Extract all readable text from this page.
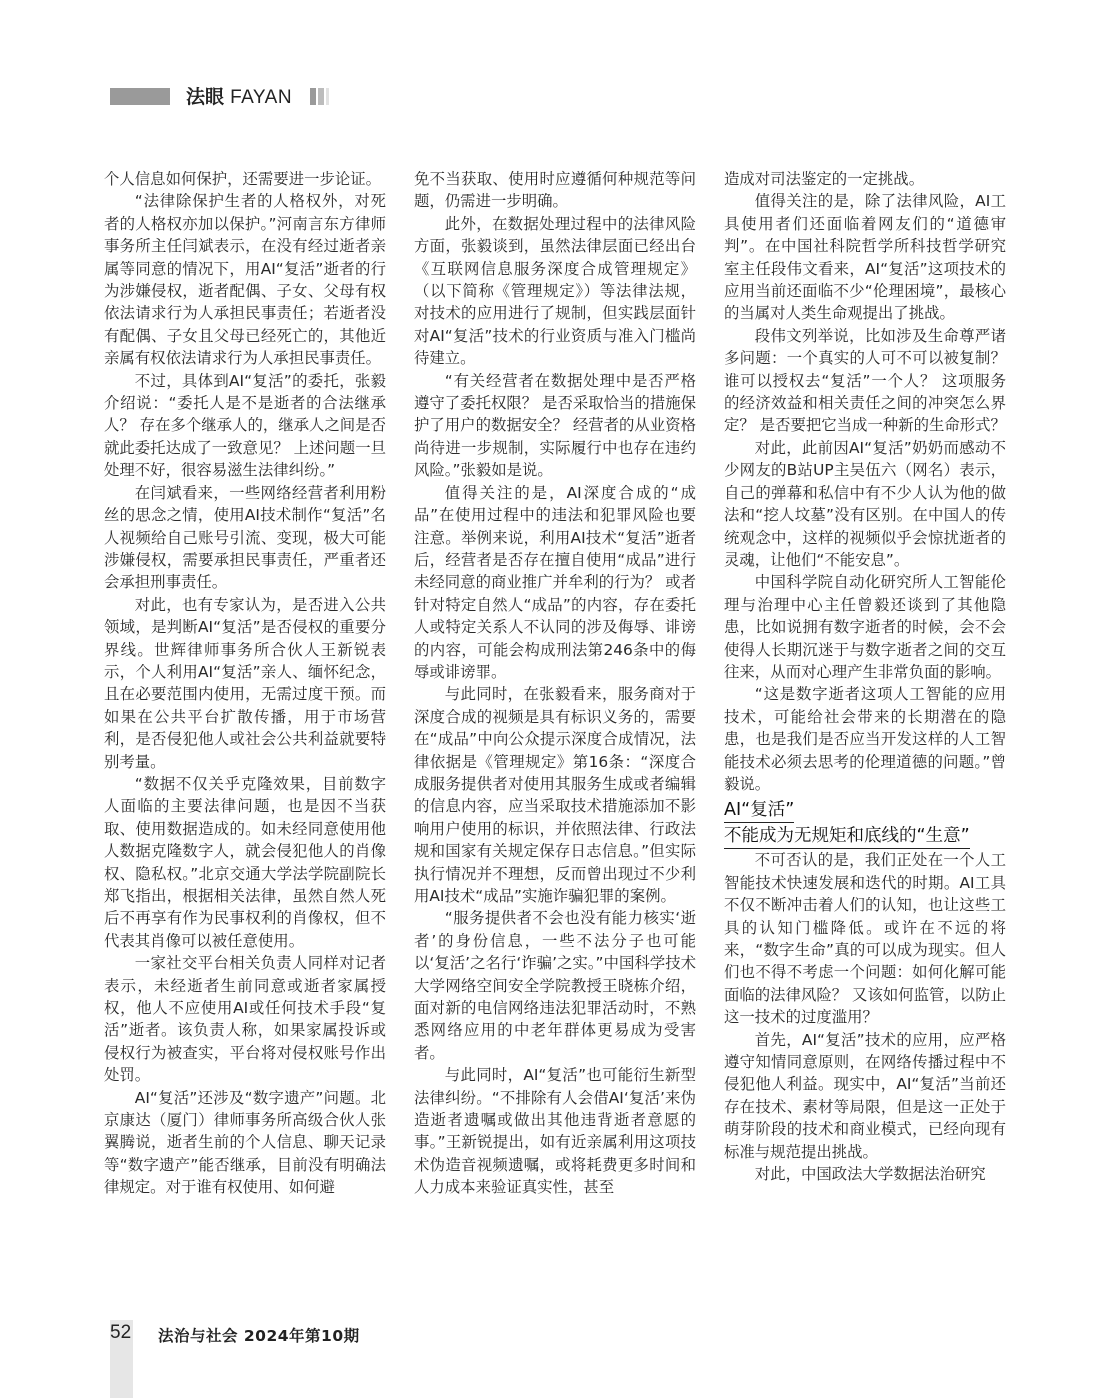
法眼 FAYAN

个人信息如何保护，还需要进一步论证。

“法律除保护生者的人格权外，对死者的人格权亦加以保护。”河南言东方律师事务所主任闫斌表示，在没有经过逝者亲属等同意的情况下，用AI“复活”逝者的行为涉嫌侵权，逝者配偶、子女、父母有权依法请求行为人承担民事责任；若逝者没有配偶、子女且父母已经死亡的，其他近亲属有权依法请求行为人承担民事责任。

不过，具体到AI“复活”的委托，张毅介绍说：“委托人是不是逝者的合法继承人？ 存在多个继承人的，继承人之间是否就此委托达成了一致意见？ 上述问题一旦处理不好，很容易滋生法律纠纷。”

在闫斌看来，一些网络经营者利用粉丝的思念之情，使用AI技术制作“复活”名人视频给自己账号引流、变现，极大可能涉嫌侵权，需要承担民事责任，严重者还会承担刑事责任。

对此，也有专家认为，是否进入公共领域，是判断AI“复活”是否侵权的重要分界线。世辉律师事务所合伙人王新锐表示，个人利用AI“复活”亲人、缅怀纪念，且在必要范围内使用，无需过度干预。而如果在公共平台扩散传播，用于市场营利，是否侵犯他人或社会公共利益就要特别考量。

“数据不仅关乎克隆效果，目前数字人面临的主要法律问题，也是因不当获取、使用数据造成的。如未经同意使用他人数据克隆数字人，就会侵犯他人的肖像权、隐私权。”北京交通大学法学院副院长郑飞指出，根据相关法律，虽然自然人死后不再享有作为民事权利的肖像权，但不代表其肖像可以被任意使用。

一家社交平台相关负责人同样对记者表示，未经逝者生前同意或逝者家属授权，他人不应使用AI或任何技术手段“复活”逝者。该负责人称，如果家属投诉或侵权行为被查实，平台将对侵权账号作出处罚。

AI“复活”还涉及“数字遗产”问题。北京康达（厦门）律师事务所高级合伙人张翼腾说，逝者生前的个人信息、聊天记录等“数字遗产”能否继承，目前没有明确法律规定。对于谁有权使用、如何避

免不当获取、使用时应遵循何种规范等问题，仍需进一步明确。

此外，在数据处理过程中的法律风险方面，张毅谈到，虽然法律层面已经出台《互联网信息服务深度合成管理规定》（以下简称《管理规定》）等法律法规，对技术的应用进行了规制，但实践层面针对AI“复活”技术的行业资质与准入门槛尚待建立。

“有关经营者在数据处理中是否严格遵守了委托权限？ 是否采取恰当的措施保护了用户的数据安全？ 经营者的从业资格尚待进一步规制，实际履行中也存在违约风险。”张毅如是说。

值得关注的是，AI深度合成的“成品”在使用过程中的违法和犯罪风险也要注意。举例来说，利用AI技术“复活”逝者后，经营者是否存在擅自使用“成品”进行未经同意的商业推广并牟利的行为？ 或者针对特定自然人“成品”的内容，存在委托人或特定关系人不认同的涉及侮辱、诽谤的内容，可能会构成刑法第246条中的侮辱或诽谤罪。

与此同时，在张毅看来，服务商对于深度合成的视频是具有标识义务的，需要在“成品”中向公众提示深度合成情况，法律依据是《管理规定》第16条：“深度合成服务提供者对使用其服务生成或者编辑的信息内容，应当采取技术措施添加不影响用户使用的标识，并依照法律、行政法规和国家有关规定保存日志信息。”但实际执行情况并不理想，反而曾出现过不少利用AI技术“成品”实施诈骗犯罪的案例。

“服务提供者不会也没有能力核实‘逝者’的身份信息，一些不法分子也可能以‘复活’之名行‘诈骗’之实。”中国科学技术大学网络空间安全学院教授王晓栋介绍，面对新的电信网络违法犯罪活动时，不熟悉网络应用的中老年群体更易成为受害者。

与此同时，AI“复活”也可能衍生新型法律纠纷。“不排除有人会借AI‘复活’来伪造逝者遗嘱或做出其他违背逝者意愿的事。”王新锐提出，如有近亲属利用这项技术伪造音视频遗嘱，或将耗费更多时间和人力成本来验证真实性，甚至

造成对司法鉴定的一定挑战。

值得关注的是，除了法律风险，AI工具使用者们还面临着网友们的“道德审判”。在中国社科院哲学所科技哲学研究室主任段伟文看来，AI“复活”这项技术的应用当前还面临不少“伦理困境”，最核心的当属对人类生命观提出了挑战。

段伟文列举说，比如涉及生命尊严诸多问题：一个真实的人可不可以被复制？ 谁可以授权去“复活”一个人？ 这项服务的经济效益和相关责任之间的冲突怎么界定？ 是否要把它当成一种新的生命形式？

对此，此前因AI“复活”奶奶而感动不少网友的B站UP主吴伍六（网名）表示，自己的弹幕和私信中有不少人认为他的做法和“挖人坟墓”没有区别。在中国人的传统观念中，这样的视频似乎会惊扰逝者的灵魂，让他们“不能安息”。

中国科学院自动化研究所人工智能伦理与治理中心主任曾毅还谈到了其他隐患，比如说拥有数字逝者的时候，会不会使得人长期沉迷于与数字逝者之间的交互往来，从而对心理产生非常负面的影响。

“这是数字逝者这项人工智能的应用技术，可能给社会带来的长期潜在的隐患，也是我们是否应当开发这样的人工智能技术必须去思考的伦理道德的问题。”曾毅说。

AI“复活”
不能成为无规矩和底线的“生意”

不可否认的是，我们正处在一个人工智能技术快速发展和迭代的时期。AI工具不仅不断冲击着人们的认知，也让这些工具的认知门槛降低。或许在不远的将来，“数字生命”真的可以成为现实。但人们也不得不考虑一个问题：如何化解可能面临的法律风险？ 又该如何监管，以防止这一技术的过度滥用？

首先，AI“复活”技术的应用，应严格遵守知情同意原则，在网络传播过程中不侵犯他人利益。现实中，AI“复活”当前还存在技术、素材等局限，但是这一正处于萌芽阶段的技术和商业模式，已经向现有标准与规范提出挑战。

对此，中国政法大学数据法治研究

52 法治与社会 2024年第10期
